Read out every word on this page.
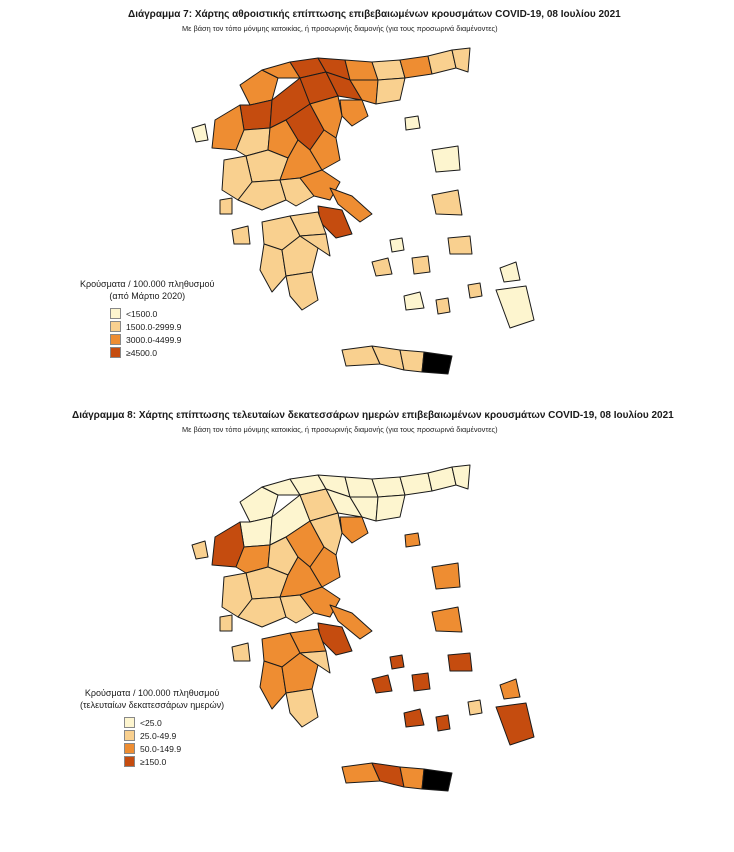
Διάγραμμα 7: Χάρτης αθροιστικής επίπτωσης επιβεβαιωμένων κρουσμάτων COVID-19, 08 Ιουλίου 2021
Με βάση τον τόπο μόνιμης κατοικίας, ή προσωρινής διαμονής (για τους προσωρινά διαμένοντες)
Κρούσματα / 100.000 πληθυσμού
(από Μάρτιο 2020)
<1500.0
1500.0-2999.9
3000.0-4499.9
≥4500.0
Διάγραμμα 8: Χάρτης επίπτωσης τελευταίων δεκατεσσάρων ημερών επιβεβαιωμένων κρουσμάτων COVID-19, 08 Ιουλίου 2021
Με βάση τον τόπο μόνιμης κατοικίας, ή προσωρινής διαμονής (για τους προσωρινά διαμένοντες)
Κρούσματα / 100.000 πληθυσμού
(τελευταίων δεκατεσσάρων ημερών)
<25.0
25.0-49.9
50.0-149.9
≥150.0
